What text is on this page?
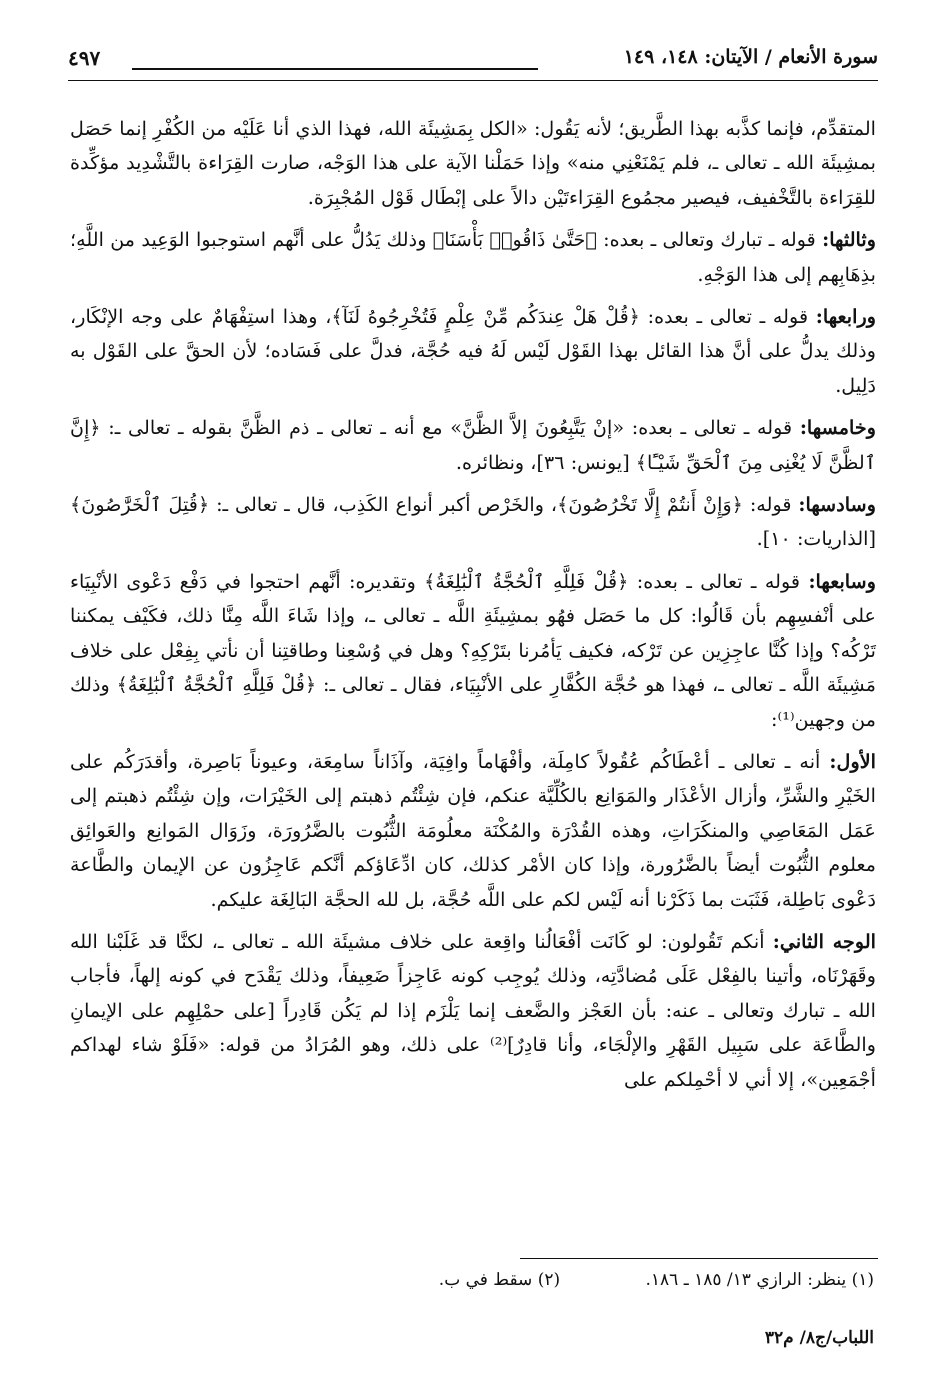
سورة الأنعام / الآيتان: ١٤٨، ١٤٩
٤٩٧

المتقدِّم، فإنما كذَّبه بهذا الطَّريق؛ لأنه يَقُول: «الكل بِمَشِيئَة الله، فهذا الذي أنا عَلَيْه من الكُفْرِ إنما حَصَل بمشِيئَة الله ـ تعالى ـ، فلم يَمْنَعْنِي منه» وإذا حَمَلْنا الآية على هذا الوَجْه، صارت القِرَاءة بالتَّشْدِيد مؤكِّدة للقِرَاءة بالتَّخْفيف، فيصير مجمُوع القِرَاءتَيْن دالاً على إبْطَال قَوْل المُجْبِرَة.

وثالثها: قوله ـ تبارك وتعالى ـ بعده: ﴿حَتَّىٰ ذَاقُوا۟ بَأْسَنَا﴾ وذلك يَدُلُّ على أنَّهم استوجبوا الوَعِيد من اللَّهِ؛ بذِهَابِهم إلى هذا الوَجْهِ.

ورابعها: قوله ـ تعالى ـ بعده: ﴿قُلْ هَلْ عِندَكُم مِّنْ عِلْمٍ فَتُخْرِجُوهُ لَنَآ﴾، وهذا استِفْهَامٌ على وجه الإنْكَار، وذلك يدلُّ على أنَّ هذا القائل بهذا القَوْل لَيْس لَهُ فيه حُجَّة، فدلَّ على فَسَاده؛ لأن الحقَّ على القَوْل به دَلِيل.

وخامسها: قوله ـ تعالى ـ بعده: «إنْ يَتَّبِعُونَ إلاَّ الظَّنَّ» مع أنه ـ تعالى ـ ذم الظَّنَّ بقوله ـ تعالى ـ: ﴿إِنَّ ٱلظَّنَّ لَا يُغْنِى مِنَ ٱلْحَقِّ شَيْـًٔا﴾ [يونس: ٣٦]، ونظائره.

وسادسها: قوله: ﴿وَإِنْ أَنتُمْ إِلَّا تَخْرُصُونَ﴾، والخَرْص أكبر أنواع الكَذِب، قال ـ تعالى ـ: ﴿قُتِلَ ٱلْخَرَّٰصُونَ﴾ [الذاريات: ١٠].

وسابعها: قوله ـ تعالى ـ بعده: ﴿قُلْ فَلِلَّهِ ٱلْحُجَّةُ ٱلْبَٰلِغَةُ﴾ وتقديره: أنَّهم احتجوا في دَفْع دَعْوى الأنْبِيَاء على أنْفسِهِم بأن قَالُوا: كل ما حَصَل فهُو بمشِيئَةِ اللَّه ـ تعالى ـ، وإذا شَاءَ اللَّه مِنَّا ذلك، فكَيْف يمكننا تَرْكُه؟ وإذا كُنَّا عاجِزِين عن تَرْكه، فكيف يَأمُرنا بتَرْكِهِ؟ وهل في وُسْعِنا وطاقتِنا أن نأتي بِفِعْل على خلاف مَشِيئَة اللَّه ـ تعالى ـ، فهذا هو حُجَّة الكُفَّارِ على الأنْبِيَاء، فقال ـ تعالى ـ: ﴿قُلْ فَلِلَّهِ ٱلْحُجَّةُ ٱلْبَٰلِغَةُ﴾ وذلك من وجهين⁽¹⁾:

الأول: أنه ـ تعالى ـ أعْطَاكُم عُقُولاً كامِلَة، وأفْهَاماً وافِيَة، وآذَاناً سامِعَة، وعيوناً بَاصِرة، وأقدَرَكُم على الخَيْرِ والشَّرِّ، وأزال الأعْذَار والمَوَانِع بالكُلِّيَّة عنكم، فإن شِئْتُم ذهبتم إلى الخَيْرَات، وإن شِئْتُم ذهبتم إلى عَمَل المَعَاصِي والمنكَرَاتِ، وهذه القُدْرَة والمُكْنَة معلُومَة الثُّبُوت بالضَّرُورَة، وزَوَال المَوانِع والعَوائِق معلوم الثُّبُوت أيضاً بالضَّرُورة، وإذا كان الأمْر كذلك، كان ادِّعَاؤكم أنَّكم عَاجِزُون عن الإيمان والطَّاعة دَعْوى بَاطِلة، فَثَبَت بما ذَكَرْنا أنه لَيْس لكم على اللَّه حُجَّة، بل لله الحجَّة البَالِغَة عليكم.

الوجه الثاني: أنكم تَقُولون: لو كَانَت أفْعَالُنا واقِعة على خلاف مشيئَة الله ـ تعالى ـ، لكنَّا قد غَلَبْنا الله وقَهَرْنَاه، وأتينا بالفِعْل عَلَى مُضادَّتِه، وذلك يُوجِب كونه عَاجِزاً ضَعِيفاً، وذلك يَقْدَح في كونه إلهاً، فأجاب الله ـ تبارك وتعالى ـ عنه: بأن العَجْز والضَّعف إنما يَلْزَم إذا لم يَكُن قَادِراً [على حمْلِهِم على الإيمانِ والطَّاعَة على سَبِيل القَهْرِ والإلْجَاء، وأنا قادِرٌ]⁽²⁾ على ذلك، وهو المُرَادُ من قوله: «فَلَوْ شاء لهداكم أجْمَعِين»، إلا أني لا أحْمِلكم على

(١) ينظر: الرازي ١٣/ ١٨٥ ـ ١٨٦. (٢) سقط في ب.
اللباب/ج٨/ م٣٢
